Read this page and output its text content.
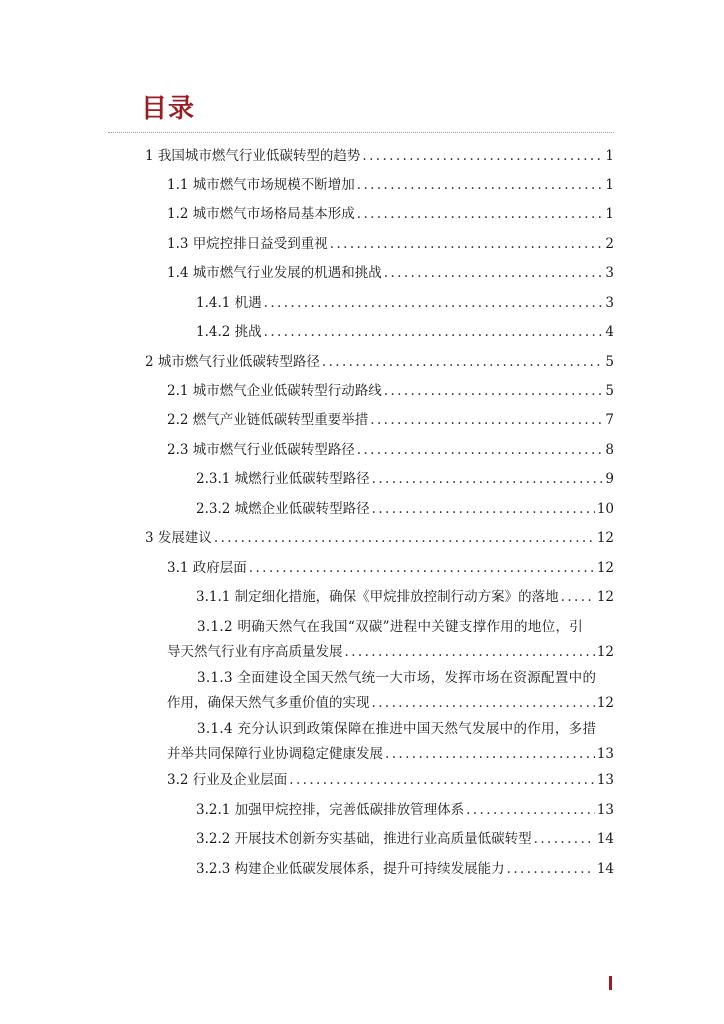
目录
1 我国城市燃气行业低碳转型的趋势 .....	1
1.1 城市燃气市场规模不断增加 .....	1
1.2 城市燃气市场格局基本形成 .....	1
1.3 甲烷控排日益受到重视 .....	2
1.4 城市燃气行业发展的机遇和挑战 .....	3
1.4.1 机遇 .....	3
1.4.2 挑战 .....	4
2 城市燃气行业低碳转型路径 .....	5
2.1 城市燃气企业低碳转型行动路线 .....	5
2.2 燃气产业链低碳转型重要举措 .....	7
2.3 城市燃气行业低碳转型路径 .....	8
2.3.1 城燃行业低碳转型路径 .....	9
2.3.2 城燃企业低碳转型路径 .....	10
3 发展建议 .....	12
3.1 政府层面 .....	12
3.1.1 制定细化措施，确保《甲烷排放控制行动方案》的落地 .....	12
3.1.2 明确天然气在我国“双碳”进程中关键支撑作用的地位，引
导天然气行业有序高质量发展 .....	12
3.1.3 全面建设全国天然气统一大市场，发挥市场在资源配置中的
作用，确保天然气多重价值的实现 .....	12
3.1.4 充分认识到政策保障在推进中国天然气发展中的作用，多措
并举共同保障行业协调稳定健康发展 .....	13
3.2 行业及企业层面 .....	13
3.2.1 加强甲烷控排，完善低碳排放管理体系 .....	13
3.2.2 开展技术创新夯实基础，推进行业高质量低碳转型 .....	14
3.2.3 构建企业低碳发展体系，提升可持续发展能力 .....	14
